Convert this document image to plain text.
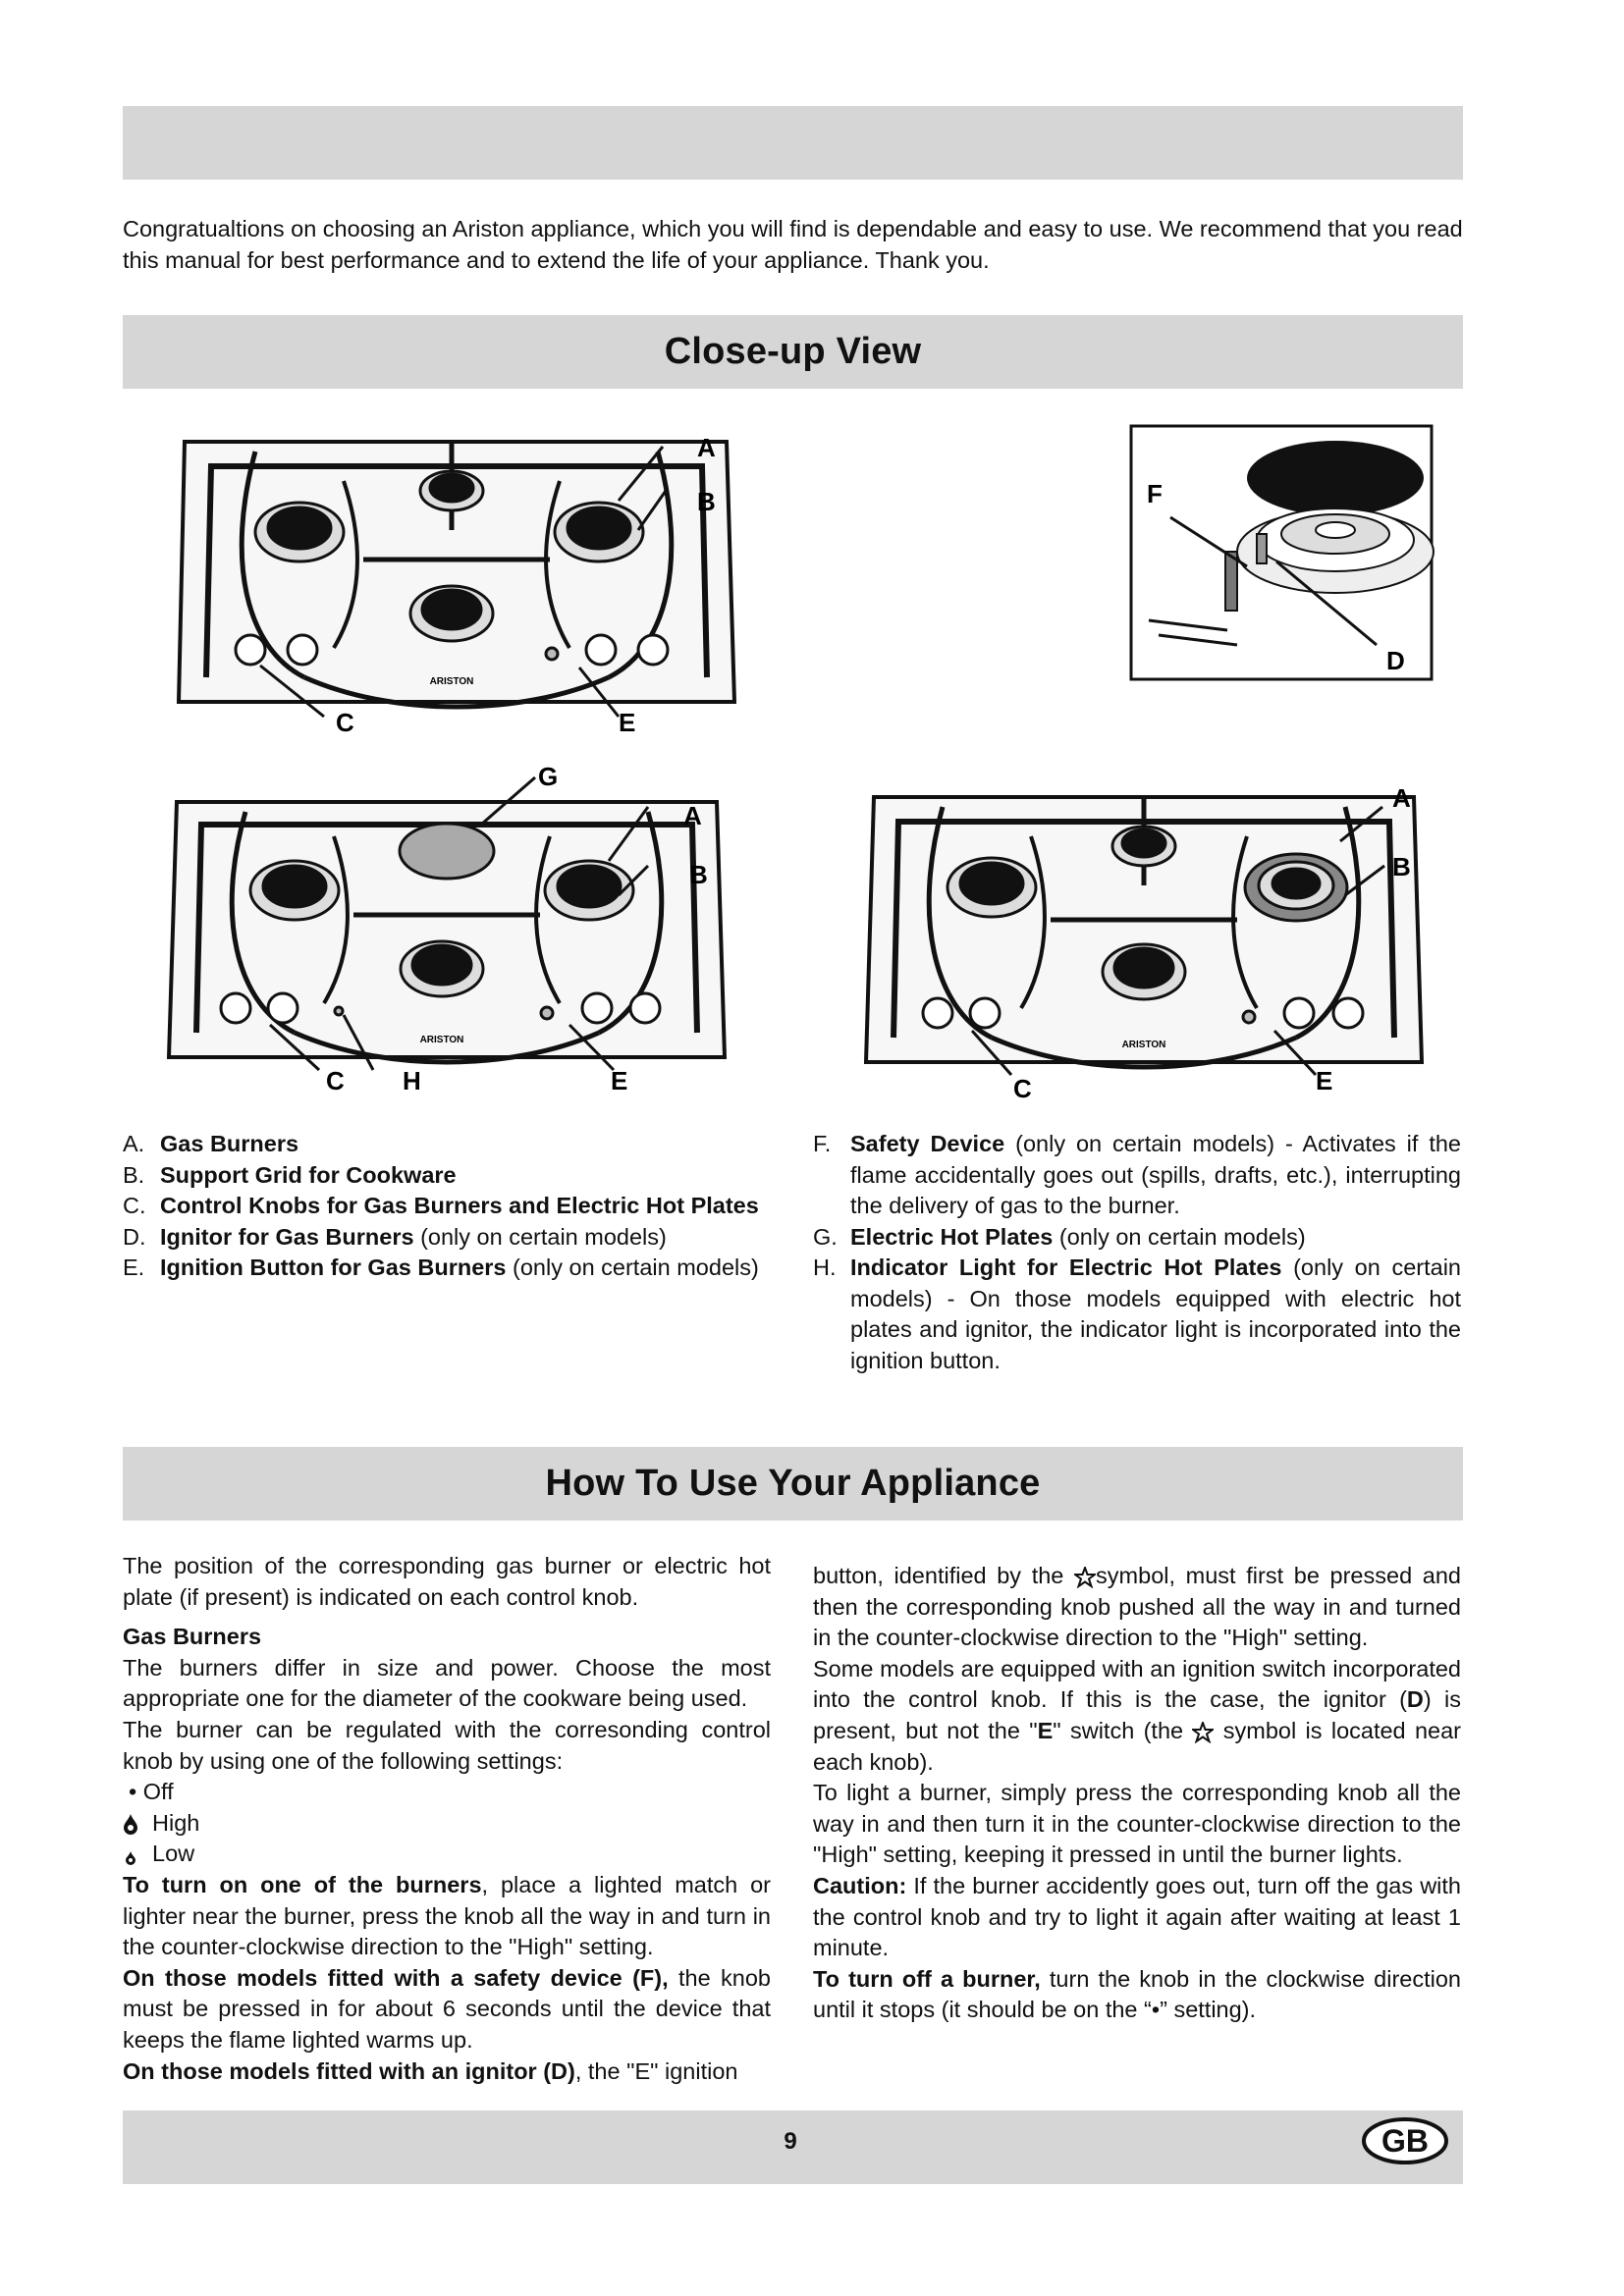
Congratualtions on choosing an Ariston appliance, which you will find is dependable and easy to use. We recommend that you read this manual for best performance and to extend the life of your appliance. Thank you.
Close-up View
ARISTON
A
B
C	E
F
D
ARISTON
G
A
B
C H	E
ARISTON
A
B
C	E
A. Gas Burners
B. Support Grid for Cookware
C. Control Knobs for Gas Burners and Electric Hot Plates
D. Ignitor for Gas Burners (only on certain models)
E. Ignition Button for Gas Burners (only on certain models)
F. Safety Device (only on certain models) - Activates if the flame accidentally goes out (spills, drafts, etc.), interrupting the delivery of gas to the burner.
G. Electric Hot Plates (only on certain models)
H. Indicator Light for Electric Hot Plates (only on certain models) - On those models equipped with electric hot plates and ignitor, the indicator light is incorporated into the ignition button.
How To Use Your Appliance

The position of the corresponding gas burner or electric hot plate (if present) is indicated on each control knob.

Gas Burners

The burners differ in size and power. Choose the most appropriate one for the diameter of the cookware being used.

The burner can be regulated with the corresonding control knob by using one of the following settings:

• Off

High
Low

To turn on one of the burners, place a lighted match or lighter near the burner, press the knob all the way in and turn in the counter-clockwise direction to the "High" setting.

On those models fitted with a safety device (F), the knob must be pressed in for about 6 seconds until the device that keeps the flame lighted warms up.

On those models fitted with an ignitor (D), the "E" ignition

button, identified by the symbol, must first be pressed and then the corresponding knob pushed all the way in and turned in the counter-clockwise direction to the "High" setting.

Some models are equipped with an ignition switch incorporated into the control knob. If this is the case, the ignitor (D) is present, but not the "E" switch (the  symbol is located near each knob).

To light a burner, simply press the corresponding knob all the way in and then turn it in the counter-clockwise direction to the "High" setting, keeping it pressed in until the burner lights.

Caution: If the burner accidently goes out, turn off the gas with the control knob and try to light it again after waiting at least 1 minute.

To turn off a burner, turn the knob in the clockwise direction until it stops (it should be on the “•” setting).

9	GB
